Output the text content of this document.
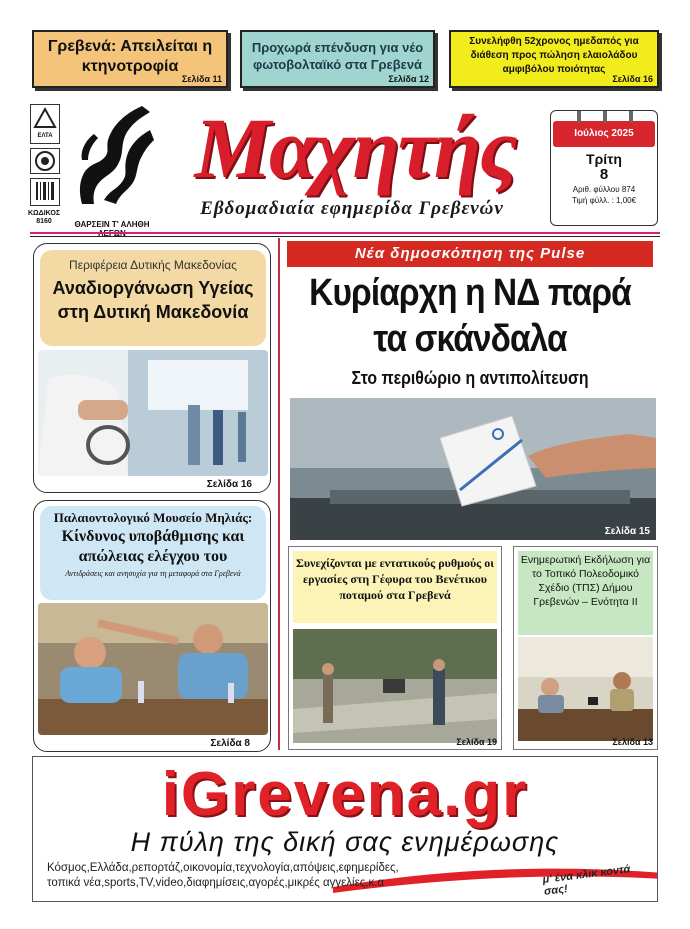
Γρεβενά: Απειλείται η κτηνοτροφία
Σελίδα 11
Προχωρά επένδυση για νέο φωτοβολταϊκό στα Γρεβενά
Σελίδα 12
Συνελήφθη 52χρονος ημεδαπός για διάθεση προς πώληση ελαιολάδου αμφιβόλου ποιότητας
Σελίδα 16
ΕΛΤΑ
ΚΩΔΙΚΟΣ
8160	ΘΑΡΣΕΙΝ Τ' ΑΛΗΘΗ
Μαχητής
Εβδομαδιαία εφημερίδα Γρεβενών
Ιούλιος 2025
Τρίτη
8
Αριθ. φύλλου 874
Τιμή φύλλ. : 1,00€
Περιφέρεια Δυτικής Μακεδονίας
Αναδιοργάνωση Υγείας στη Δυτική Μακεδονία
Σελίδα 16
Παλαιοντολογικό Μουσείο Μηλιάς:
Κίνδυνος υποβάθμισης και απώλειας ελέγχου του
Αντιδράσεις και ανησυχία για τη μεταφορά στα Γρεβενά
Σελίδα 8
Νέα δημοσκόπηση της Pulse
Κυρίαρχη η ΝΔ παρά τα σκάνδαλα
Στο περιθώριο η αντιπολίτευση
Σελίδα 15
Συνεχίζονται με εντατικούς ρυθμούς οι εργασίες στη Γέφυρα του Βενέτικου ποταμού στα Γρεβενά
Σελίδα 19
Ενημερωτική Εκδήλωση για το Τοπικό Πολεοδομικό Σχέδιο (ΤΠΣ) Δήμου Γρεβενών – Ενότητα ΙΙ
Σελίδα 13
iGrevena.gr
Η πύλη της δική σας ενημέρωσης
Κόσμος,Ελλάδα,ρεπορτάζ,οικονομία,τεχνολογία,απόψεις,εφημερίδες,
τοπικά νέα,sports,TV,video,διαφημίσεις,αγορές,μικρές αγγελίες,κ.α	μ' ένα κλικ κοντά σας!
